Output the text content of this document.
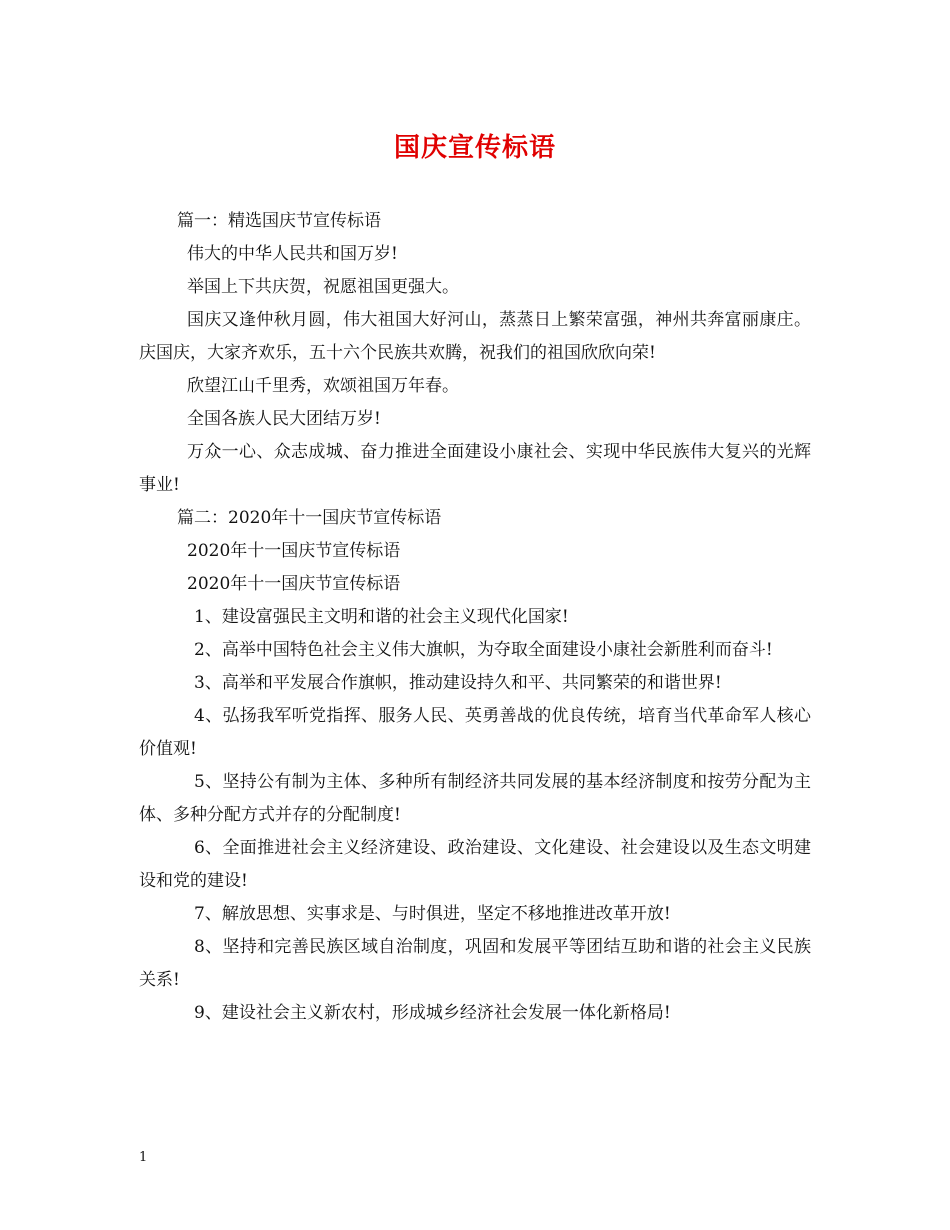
国庆宣传标语

篇一：精选国庆节宣传标语

伟大的中华人民共和国万岁!

举国上下共庆贺，祝愿祖国更强大。

国庆又逢仲秋月圆，伟大祖国大好河山，蒸蒸日上繁荣富强，神州共奔富丽康庄。 庆国庆，大家齐欢乐，五十六个民族共欢腾，祝我们的祖国欣欣向荣!

欣望江山千里秀，欢颂祖国万年春。

全国各族人民大团结万岁!

万众一心、众志成城、奋力推进全面建设小康社会、实现中华民族伟大复兴的光辉事业!

篇二：2020年十一国庆节宣传标语

2020年十一国庆节宣传标语

2020年十一国庆节宣传标语

1、建设富强民主文明和谐的社会主义现代化国家!

2、高举中国特色社会主义伟大旗帜，为夺取全面建设小康社会新胜利而奋斗!

3、高举和平发展合作旗帜，推动建设持久和平、共同繁荣的和谐世界!

4、弘扬我军听党指挥、服务人民、英勇善战的优良传统，培育当代革命军人核心价值观!

5、坚持公有制为主体、多种所有制经济共同发展的基本经济制度和按劳分配为主体、多种分配方式并存的分配制度!

6、全面推进社会主义经济建设、政治建设、文化建设、社会建设以及生态文明建设和党的建设!

7、解放思想、实事求是、与时俱进，坚定不移地推进改革开放!

8、坚持和完善民族区域自治制度，巩固和发展平等团结互助和谐的社会主义民族关系!

9、建设社会主义新农村，形成城乡经济社会发展一体化新格局!

1
